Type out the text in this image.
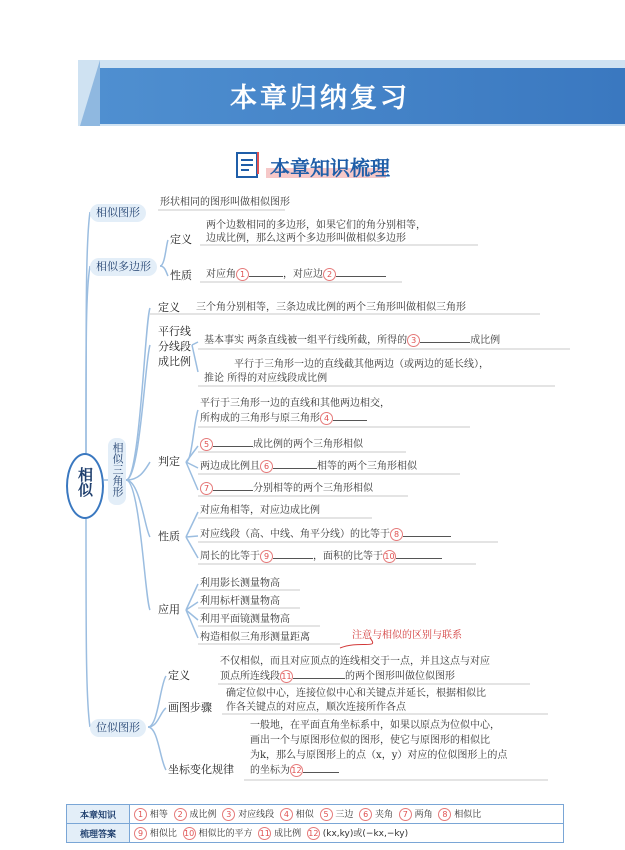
本章归纳复习
本章知识梳理
相似
相似图形
形状相同的图形叫做相似图形
相似多边形
定义
两个边数相同的多边形，如果它们的角分别相等，
边成比例，那么这两个多边形叫做相似多边形
性质 对应角 1	，对应边 2
相似三角形
定义 三个角分别相等，三条边成比例的两个三角形叫做相似三角形
平行线分线段成比例
基本事实 两条直线被一组平行线所截，所得的 3	成比例
平行于三角形一边的直线截其他两边（或两边的延长线），
推论 所得的对应线段成比例
判定
平行于三角形一边的直线和其他两边相交，
所构成的三角形与原三角形 4
5	成比例的两个三角形相似
两边成比例且 6	相等的两个三角形相似
7	分别相等的两个三角形相似
性质
对应角相等，对应边成比例
对应线段（高、中线、角平分线）的比等于 8
周长的比等于 9	，面积的比等于10
应用
利用影长测量物高
利用标杆测量物高
利用平面镜测量物高
构造相似三角形测量距离	注意与相似的区别与联系
位似图形
定义
不仅相似，而且对应顶点的连线相交于一点，并且这点与对应
顶点所连线段11	的两个图形叫做位似图形
画图步骤
确定位似中心，连接位似中心和关键点并延长，根据相似比
作各关键点的对应点，顺次连接所作各点
坐标变化规律
一般地，在平面直角坐标系中，如果以原点为位似中心，
画出一个与原图形位似的图形，使它与原图形的相似比
为k，那么与原图形上的点（x，y）对应的位似图形上的点
的坐标为12
本章知识	1 相等 2 成比例 3 对应线段 4 相似 5 三边 6 夹角 7 两角 8 相似比
梳理答案	9 相似比 10 相似比的平方 11 成比例 12 (kx,ky)或(−kx,−ky)
